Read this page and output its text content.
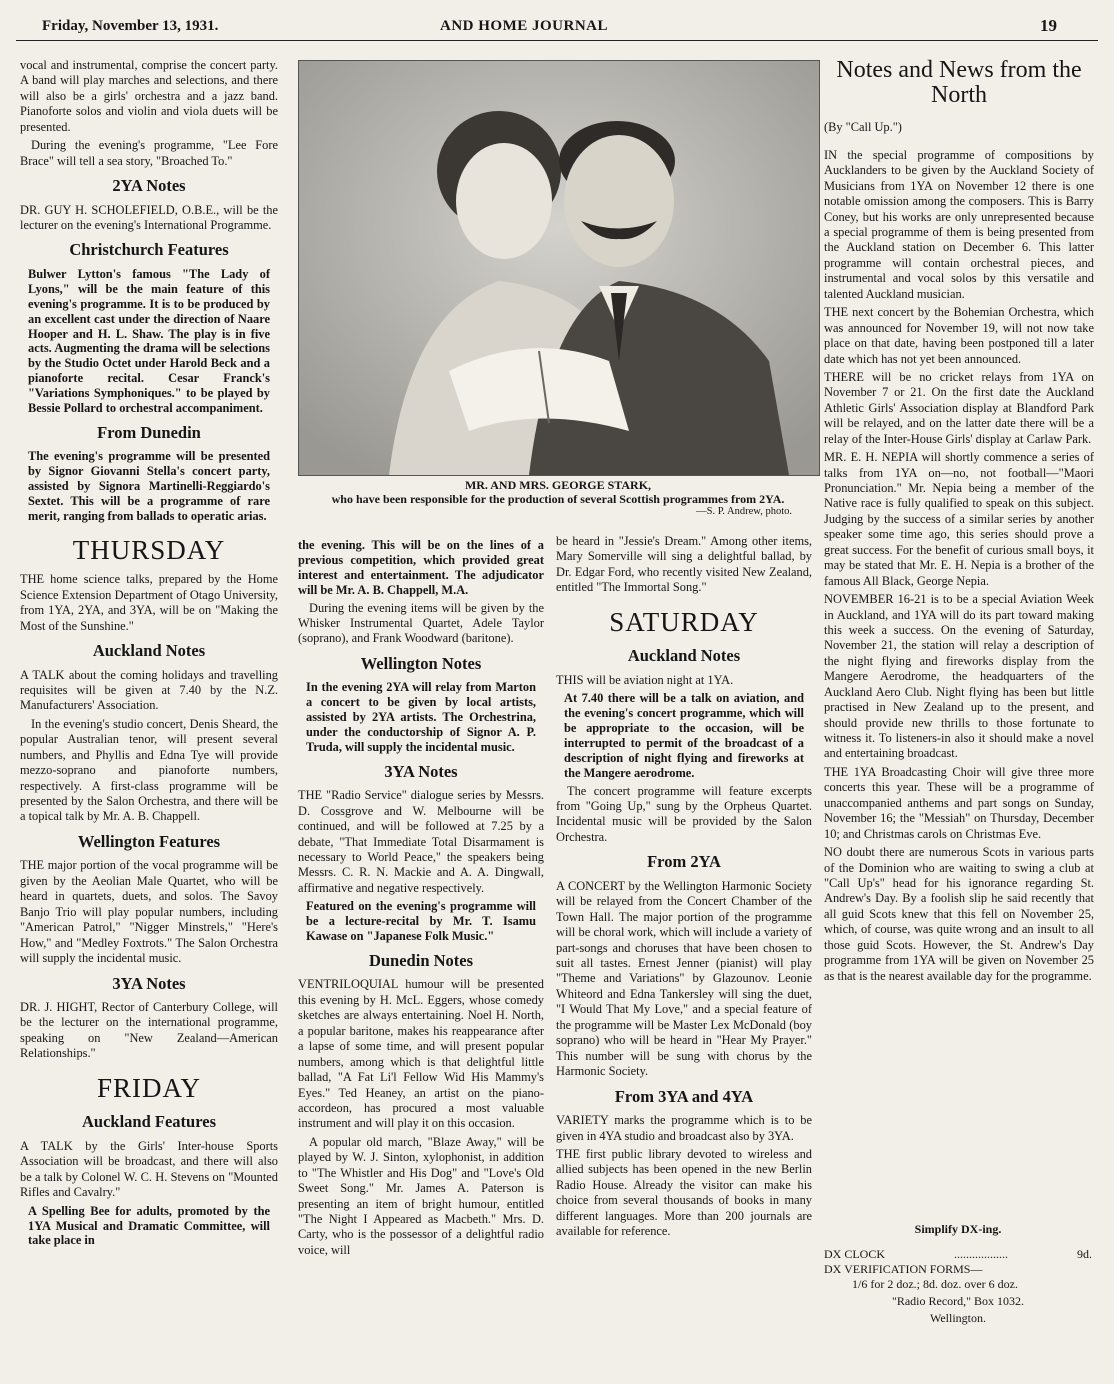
Friday, November 13, 1931.	AND HOME JOURNAL	19

vocal and instrumental, comprise the concert party. A band will play marches and selections, and there will also be a girls' orchestra and a jazz band. Pianoforte solos and violin and viola duets will be presented.

During the evening's programme, "Lee Fore Brace" will tell a sea story, "Broached To."

2YA Notes

DR. GUY H. SCHOLEFIELD, O.B.E., will be the lecturer on the evening's International Programme.

Christchurch Features

Bulwer Lytton's famous "The Lady of Lyons," will be the main feature of this evening's programme. It is to be produced by an excellent cast under the direction of Naare Hooper and H. L. Shaw. The play is in five acts. Augmenting the drama will be selections by the Studio Octet under Harold Beck and a pianoforte recital. Cesar Franck's "Variations Symphoniques." to be played by Bessie Pollard to orchestral accompaniment.

From Dunedin

The evening's programme will be presented by Signor Giovanni Stella's concert party, assisted by Signora Martinelli-Reggiardo's Sextet. This will be a programme of rare merit, ranging from ballads to operatic arias.

THURSDAY

THE home science talks, prepared by the Home Science Extension Department of Otago University, from 1YA, 2YA, and 3YA, will be on "Making the Most of the Sunshine."

Auckland Notes

A TALK about the coming holidays and travelling requisites will be given at 7.40 by the N.Z. Manufacturers' Association.

In the evening's studio concert, Denis Sheard, the popular Australian tenor, will present several numbers, and Phyllis and Edna Tye will provide mezzo-soprano and pianoforte numbers, respectively. A first-class programme will be presented by the Salon Orchestra, and there will be a topical talk by Mr. A. B. Chappell.

Wellington Features

THE major portion of the vocal programme will be given by the Aeolian Male Quartet, who will be heard in quartets, duets, and solos. The Savoy Banjo Trio will play popular numbers, including "American Patrol," "Nigger Minstrels," "Here's How," and "Medley Foxtrots." The Salon Orchestra will supply the incidental music.

3YA Notes

DR. J. HIGHT, Rector of Canterbury College, will be the lecturer on the international programme, speaking on "New Zealand—American Relationships."

FRIDAY
Auckland Features

A TALK by the Girls' Inter-house Sports Association will be broadcast, and there will also be a talk by Colonel W. C. H. Stevens on "Mounted Rifles and Cavalry."

A Spelling Bee for adults, promoted by the 1YA Musical and Dramatic Committee, will take place in

MR. AND MRS. GEORGE STARK,
who have been responsible for the production of several Scottish programmes from 2YA.
—S. P. Andrew, photo.

the evening. This will be on the lines of a previous competition, which provided great interest and entertainment. The adjudicator will be Mr. A. B. Chappell, M.A.

During the evening items will be given by the Whisker Instrumental Quartet, Adele Taylor (soprano), and Frank Woodward (baritone).

Wellington Notes

In the evening 2YA will relay from Marton a concert to be given by local artists, assisted by 2YA artists. The Orchestrina, under the conductorship of Signor A. P. Truda, will supply the incidental music.

3YA Notes

THE "Radio Service" dialogue series by Messrs. D. Cossgrove and W. Melbourne will be continued, and will be followed at 7.25 by a debate, "That Immediate Total Disarmament is necessary to World Peace," the speakers being Messrs. C. R. N. Mackie and A. A. Dingwall, affirmative and negative respectively.

Featured on the evening's programme will be a lecture-recital by Mr. T. Isamu Kawase on "Japanese Folk Music."

Dunedin Notes

VENTRILOQUIAL humour will be presented this evening by H. McL. Eggers, whose comedy sketches are always entertaining. Noel H. North, a popular baritone, makes his reappearance after a lapse of some time, and will present popular numbers, among which is that delightful little ballad, "A Fat Li'l Fellow Wid His Mammy's Eyes." Ted Heaney, an artist on the piano-accordeon, has procured a most valuable instrument and will play it on this occasion.

A popular old march, "Blaze Away," will be played by W. J. Sinton, xylophonist, in addition to "The Whistler and His Dog" and "Love's Old Sweet Song." Mr. James A. Paterson is presenting an item of bright humour, entitled "The Night I Appeared as Macbeth." Mrs. D. Carty, who is the possessor of a delightful radio voice, will

be heard in "Jessie's Dream." Among other items, Mary Somerville will sing a delightful ballad, by Dr. Edgar Ford, who recently visited New Zealand, entitled "The Immortal Song."

SATURDAY
Auckland Notes

THIS will be aviation night at 1YA.

At 7.40 there will be a talk on aviation, and the evening's concert programme, which will be appropriate to the occasion, will be interrupted to permit of the broadcast of a description of night flying and fireworks at the Mangere aerodrome.

The concert programme will feature excerpts from "Going Up," sung by the Orpheus Quartet. Incidental music will be provided by the Salon Orchestra.

From 2YA

A CONCERT by the Wellington Harmonic Society will be relayed from the Concert Chamber of the Town Hall. The major portion of the programme will be choral work, which will include a variety of part-songs and choruses that have been chosen to suit all tastes. Ernest Jenner (pianist) will play "Theme and Variations" by Glazounov. Leonie Whiteord and Edna Tankersley will sing the duet, "I Would That My Love," and a special feature of the programme will be Master Lex McDonald (boy soprano) who will be heard in "Hear My Prayer." This number will be sung with chorus by the Harmonic Society.

From 3YA and 4YA

VARIETY marks the programme which is to be given in 4YA studio and broadcast also by 3YA.

THE first public library devoted to wireless and allied subjects has been opened in the new Berlin Radio House. Already the visitor can make his choice from several thousands of books in many different languages. More than 200 journals are available for reference.

Notes and News from the North

(By "Call Up.")

IN the special programme of compositions by Aucklanders to be given by the Auckland Society of Musicians from 1YA on November 12 there is one notable omission among the composers. This is Barry Coney, but his works are only unrepresented because a special programme of them is being presented from the Auckland station on December 6. This latter programme will contain orchestral pieces, and instrumental and vocal solos by this versatile and talented Auckland musician.

THE next concert by the Bohemian Orchestra, which was announced for November 19, will not now take place on that date, having been postponed till a later date which has not yet been announced.

THERE will be no cricket relays from 1YA on November 7 or 21. On the first date the Auckland Athletic Girls' Association display at Blandford Park will be relayed, and on the latter date there will be a relay of the Inter-House Girls' display at Carlaw Park.

MR. E. H. NEPIA will shortly commence a series of talks from 1YA on—no, not football—"Maori Pronunciation." Mr. Nepia being a member of the Native race is fully qualified to speak on this subject. Judging by the success of a similar series by another speaker some time ago, this series should prove a great success. For the benefit of curious small boys, it may be stated that Mr. E. H. Nepia is a brother of the famous All Black, George Nepia.

NOVEMBER 16-21 is to be a special Aviation Week in Auckland, and 1YA will do its part toward making this week a success. On the evening of Saturday, November 21, the station will relay a description of the night flying and fireworks display from the Mangere Aerodrome, the headquarters of the Auckland Aero Club. Night flying has been but little practised in New Zealand up to the present, and should provide new thrills to those fortunate to witness it. To listeners-in also it should make a novel and entertaining broadcast.

THE 1YA Broadcasting Choir will give three more concerts this year. These will be a programme of unaccompanied anthems and part songs on Sunday, November 16; the "Messiah" on Thursday, December 10; and Christmas carols on Christmas Eve.

NO doubt there are numerous Scots in various parts of the Dominion who are waiting to swing a club at "Call Up's" head for his ignorance regarding St. Andrew's Day. By a foolish slip he said recently that all guid Scots knew that this fell on November 25, which, of course, was quite wrong and an insult to all those guid Scots. However, the St. Andrew's Day programme from 1YA will be given on November 25 as that is the nearest available day for the programme.

Simplify DX-ing.
DX CLOCK	..................	9d.
DX VERIFICATION FORMS—
1/6 for 2 doz.; 8d. doz. over 6 doz.
"Radio Record," Box 1032.
Wellington.
